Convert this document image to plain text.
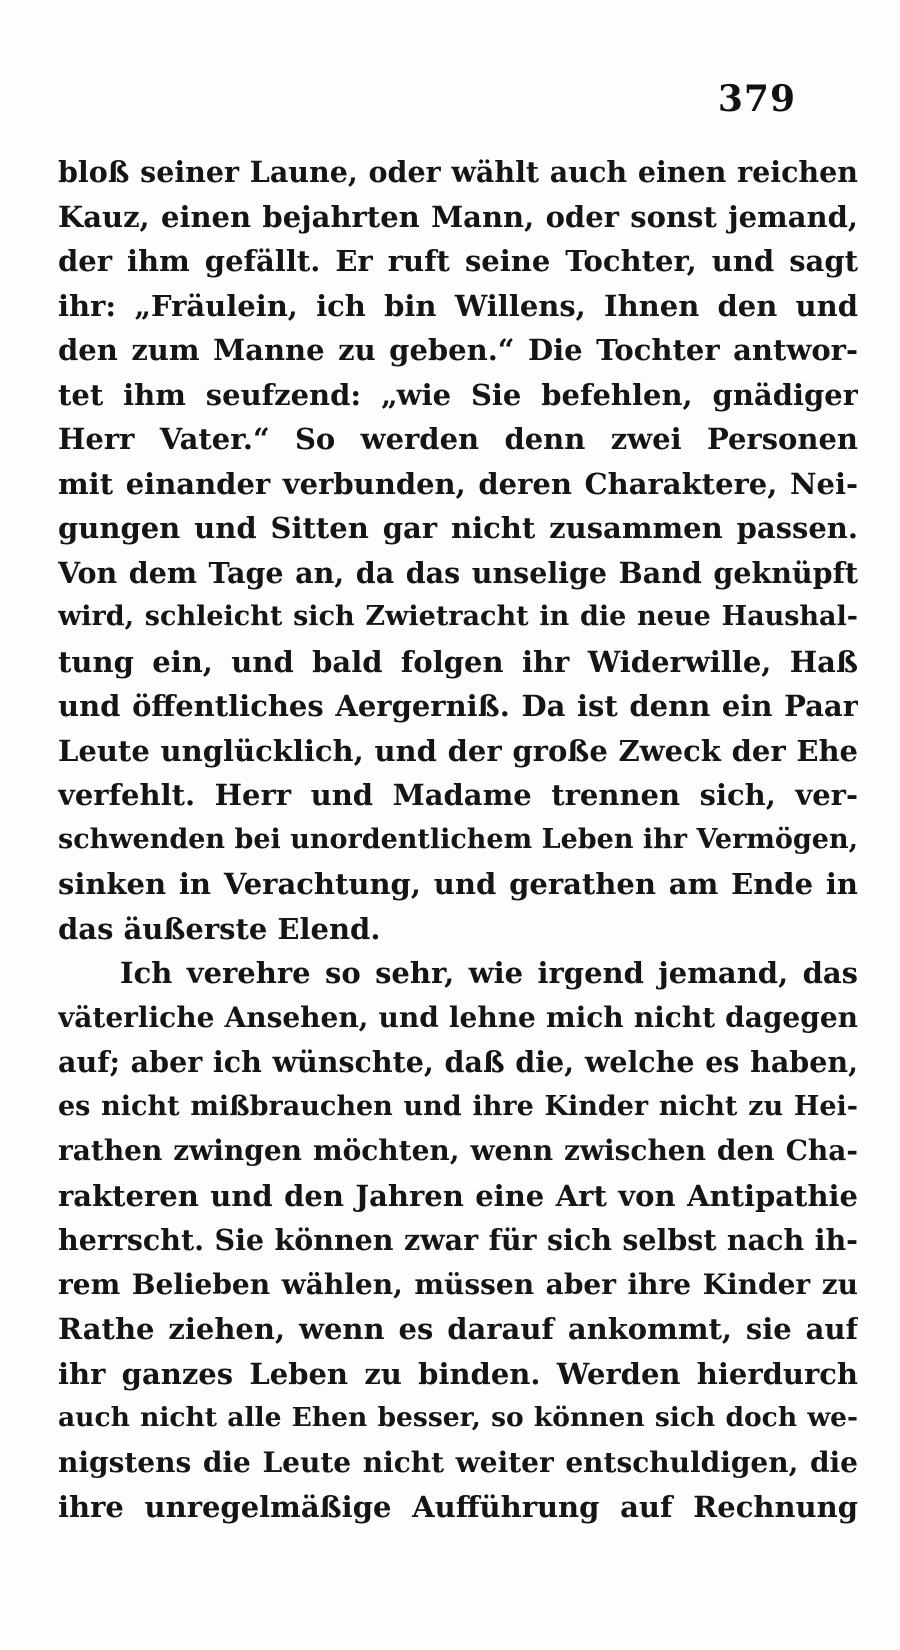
379
bloß seiner Laune, oder wählt auch einen reichen
Kauz, einen bejahrten Mann, oder sonst jemand,
der ihm gefällt. Er ruft seine Tochter, und sagt
ihr: „Fräulein, ich bin Willens, Ihnen den und
den zum Manne zu geben.“ Die Tochter antwor-
tet ihm seufzend: „wie Sie befehlen, gnädiger
Herr Vater.“ So werden denn zwei Personen
mit einander verbunden, deren Charaktere, Nei-
gungen und Sitten gar nicht zusammen passen.
Von dem Tage an, da das unselige Band geknüpft
wird, schleicht sich Zwietracht in die neue Haushal-
tung ein, und bald folgen ihr Widerwille, Haß
und öffentliches Aergerniß. Da ist denn ein Paar
Leute unglücklich, und der große Zweck der Ehe
verfehlt. Herr und Madame trennen sich, ver-
schwenden bei unordentlichem Leben ihr Vermögen,
sinken in Verachtung, und gerathen am Ende in
das äußerste Elend.
Ich verehre so sehr, wie irgend jemand, das
väterliche Ansehen, und lehne mich nicht dagegen
auf; aber ich wünschte, daß die, welche es haben,
es nicht mißbrauchen und ihre Kinder nicht zu Hei-
rathen zwingen möchten, wenn zwischen den Cha-
rakteren und den Jahren eine Art von Antipathie
herrscht. Sie können zwar für sich selbst nach ih-
rem Belieben wählen, müssen aber ihre Kinder zu
Rathe ziehen, wenn es darauf ankommt, sie auf
ihr ganzes Leben zu binden. Werden hierdurch
auch nicht alle Ehen besser, so können sich doch we-
nigstens die Leute nicht weiter entschuldigen, die
ihre unregelmäßige Aufführung auf Rechnung
